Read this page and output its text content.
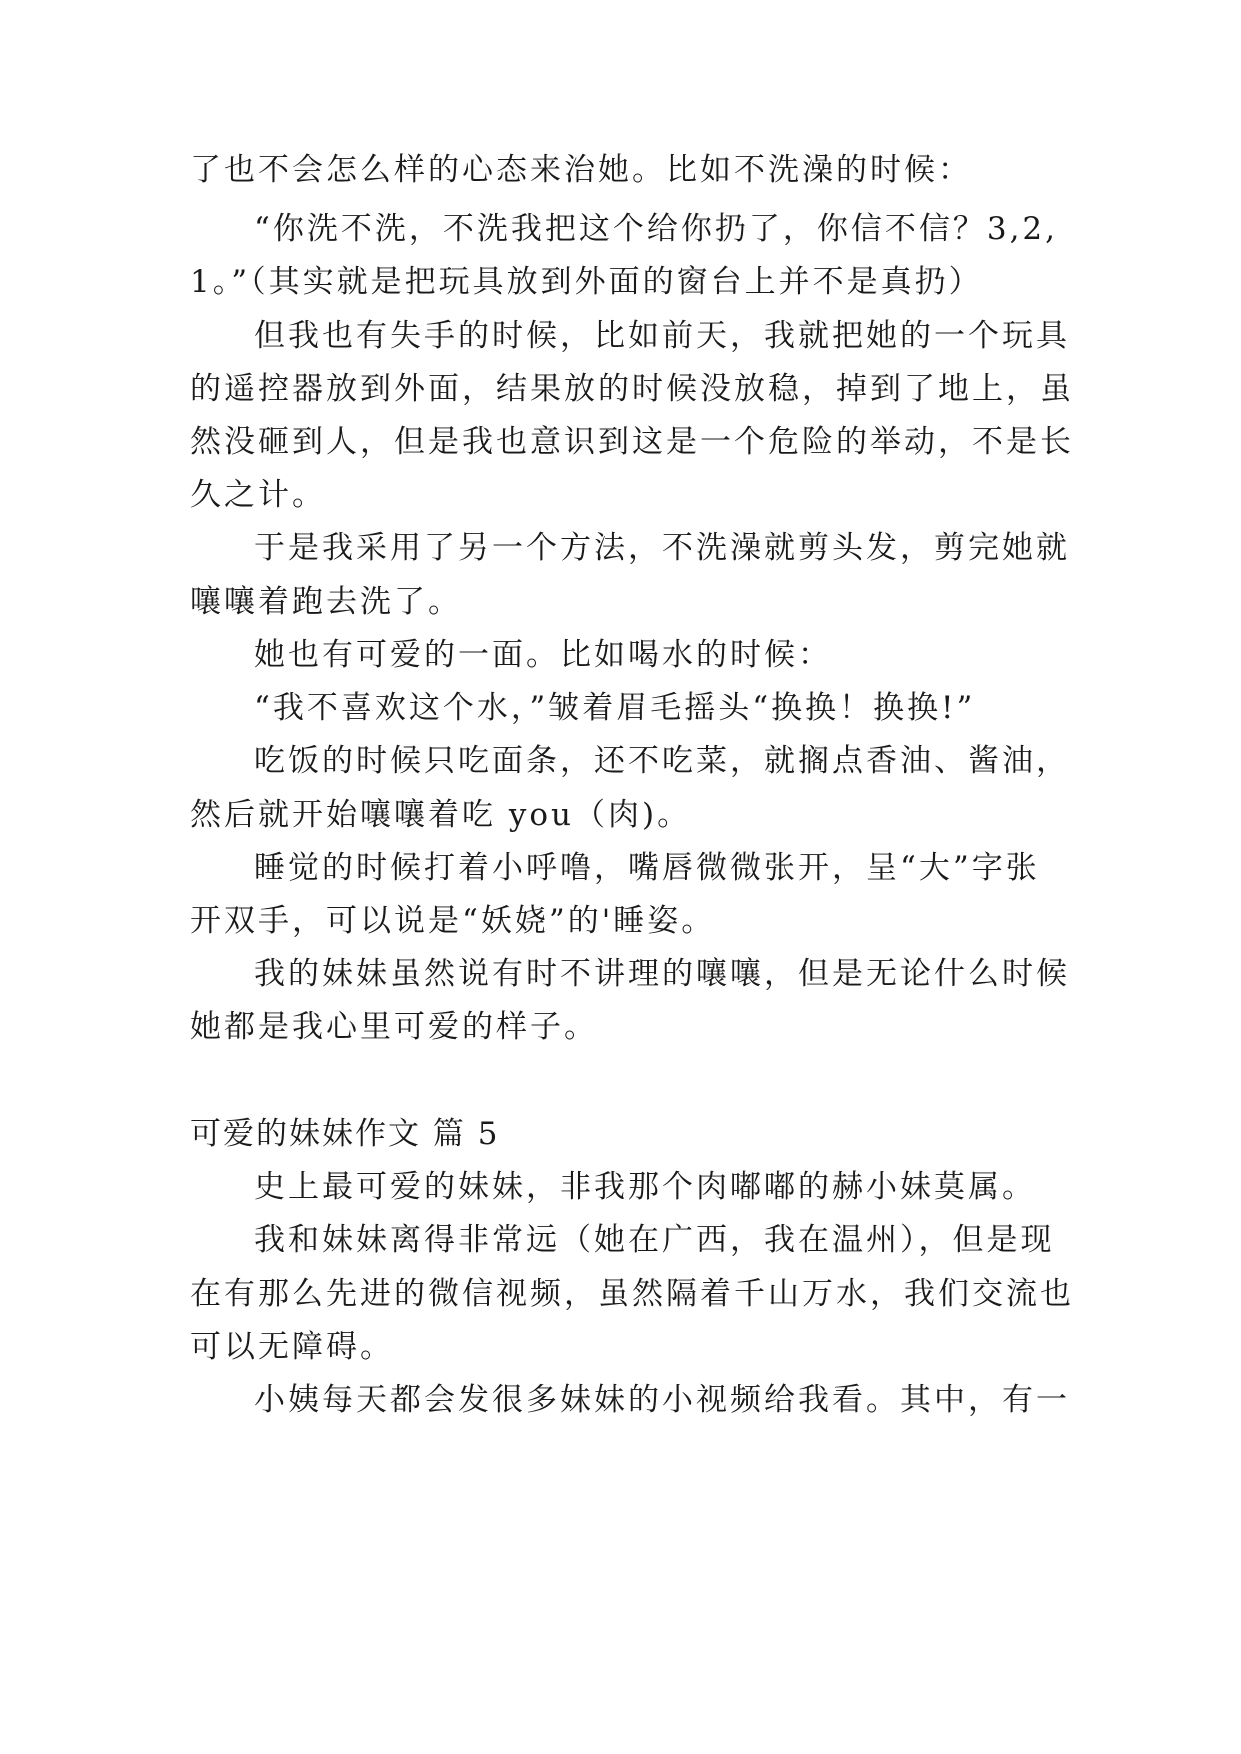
了也不会怎么样的心态来治她。比如不洗澡的时候：
“你洗不洗，不洗我把这个给你扔了，你信不信？3,2,
1。”（其实就是把玩具放到外面的窗台上并不是真扔）
但我也有失手的时候，比如前天，我就把她的一个玩具
的遥控器放到外面，结果放的时候没放稳，掉到了地上，虽
然没砸到人，但是我也意识到这是一个危险的举动，不是长
久之计。
于是我采用了另一个方法，不洗澡就剪头发，剪完她就
嚷嚷着跑去洗了。
她也有可爱的一面。比如喝水的时候：
“我不喜欢这个水，”皱着眉毛摇头“换换！换换!”
吃饭的时候只吃面条，还不吃菜，就搁点香油、酱油，
然后就开始嚷嚷着吃 you（肉)。
睡觉的时候打着小呼噜，嘴唇微微张开，呈“大”字张
开双手，可以说是“妖娆”的'睡姿。
我的妹妹虽然说有时不讲理的嚷嚷，但是无论什么时候
她都是我心里可爱的样子。
可爱的妹妹作文 篇 5
史上最可爱的妹妹，非我那个肉嘟嘟的赫小妹莫属。
我和妹妹离得非常远（她在广西，我在温州），但是现
在有那么先进的微信视频，虽然隔着千山万水，我们交流也
可以无障碍。
小姨每天都会发很多妹妹的小视频给我看。其中，有一
